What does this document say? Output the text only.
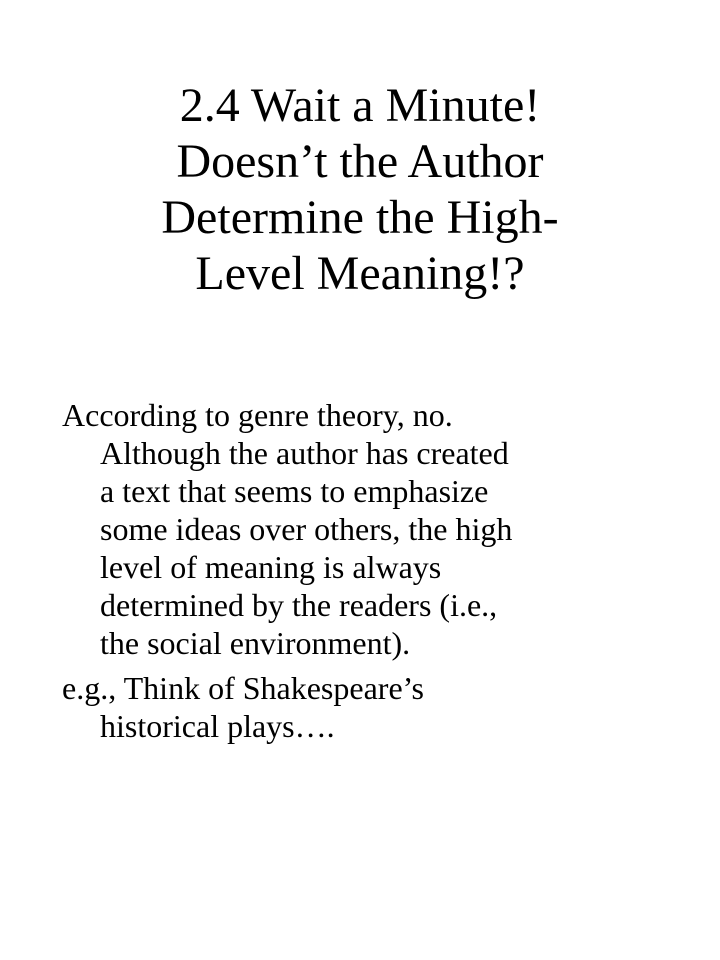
2.4 Wait a Minute!
Doesn’t the Author
Determine the High-
Level Meaning!?

According to genre theory, no.
Although the author has created
a text that seems to emphasize
some ideas over others, the high
level of meaning is always
determined by the readers (i.e.,
the social environment).

e.g., Think of Shakespeare’s
historical plays….
